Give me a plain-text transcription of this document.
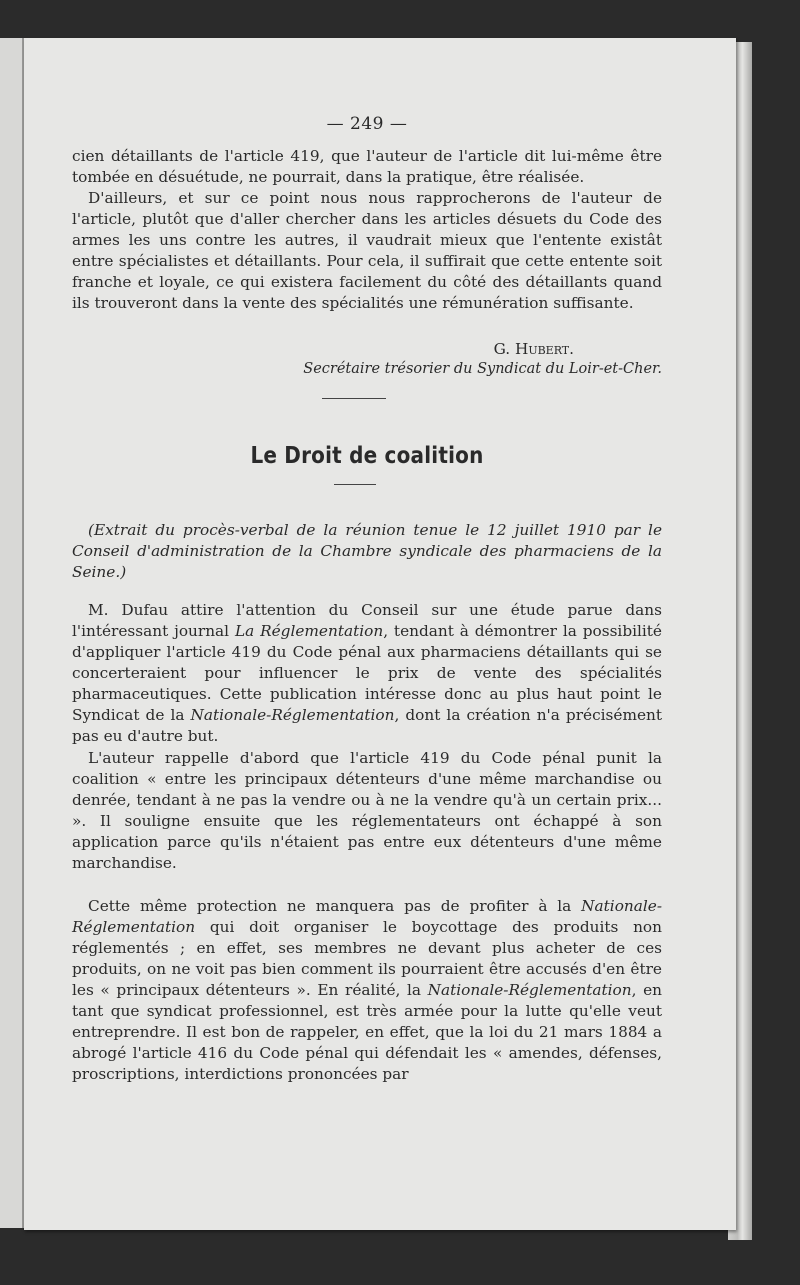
— 249 —

cien détaillants de l'article 419, que l'auteur de l'article dit lui-même être tombée en désuétude, ne pourrait, dans la pratique, être réalisée.

D'ailleurs, et sur ce point nous nous rapprocherons de l'auteur de l'article, plutôt que d'aller chercher dans les articles désuets du Code des armes les uns contre les autres, il vaudrait mieux que l'entente existât entre spécialistes et détaillants. Pour cela, il suffirait que cette entente soit franche et loyale, ce qui existera facilement du côté des détaillants quand ils trouveront dans la vente des spécialités une rémunération suffisante.

G. Hubert.
Secrétaire trésorier du Syndicat du Loir-et-Cher.
Le Droit de coalition

(Extrait du procès-verbal de la réunion tenue le 12 juillet 1910 par le Conseil d'administration de la Chambre syndicale des pharmaciens de la Seine.)

M. Dufau attire l'attention du Conseil sur une étude parue dans l'intéressant journal La Réglementation, tendant à démontrer la possibilité d'appliquer l'article 419 du Code pénal aux pharmaciens détaillants qui se concerteraient pour influencer le prix de vente des spécialités pharmaceutiques. Cette publication intéresse donc au plus haut point le Syndicat de la Nationale-Réglementation, dont la création n'a précisément pas eu d'autre but.

L'auteur rappelle d'abord que l'article 419 du Code pénal punit la coalition « entre les principaux détenteurs d'une même marchandise ou denrée, tendant à ne pas la vendre ou à ne la vendre qu'à un certain prix... ». Il souligne ensuite que les réglementateurs ont échappé à son application parce qu'ils n'étaient pas entre eux détenteurs d'une même marchandise.

Cette même protection ne manquera pas de profiter à la Nationale-Réglementation qui doit organiser le boycottage des produits non réglementés ; en effet, ses membres ne devant plus acheter de ces produits, on ne voit pas bien comment ils pourraient être accusés d'en être les « principaux détenteurs ». En réalité, la Nationale-Réglementation, en tant que syndicat professionnel, est très armée pour la lutte qu'elle veut entreprendre. Il est bon de rappeler, en effet, que la loi du 21 mars 1884 a abrogé l'article 416 du Code pénal qui défendait les « amendes, défenses, proscriptions, interdictions prononcées par
